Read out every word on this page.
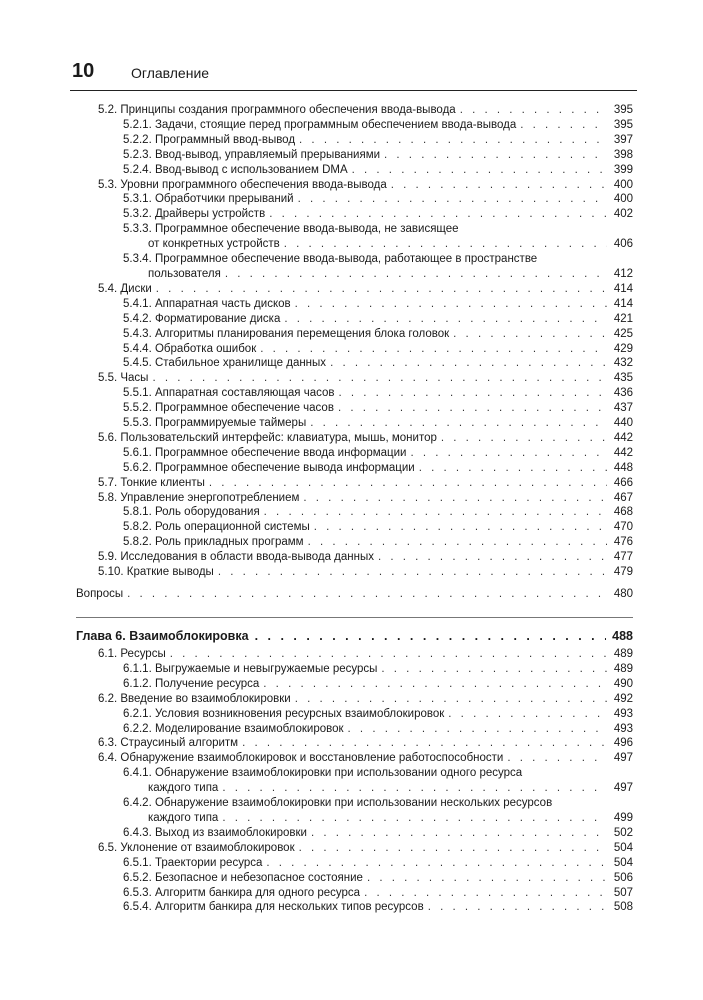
10	Оглавление
5.2. Принципы создания программного обеспечения ввода-вывода . . .	395
5.2.1. Задачи, стоящие перед программным обеспечением ввода-вывода . . .	395
5.2.2. Программный ввод-вывод . . .	397
5.2.3. Ввод-вывод, управляемый прерываниями . . .	398
5.2.4. Ввод-вывод с использованием DMA . . .	399
5.3. Уровни программного обеспечения ввода-вывода . . .	400
5.3.1. Обработчики прерываний . . .	400
5.3.2. Драйверы устройств . . .	402
5.3.3. Программное обеспечение ввода-вывода, не зависящее
от конкретных устройств . . .	406
5.3.4. Программное обеспечение ввода-вывода, работающее в пространстве
пользователя . . .	412
5.4. Диски . . .	414
5.4.1. Аппаратная часть дисков . . .	414
5.4.2. Форматирование диска . . .	421
5.4.3. Алгоритмы планирования перемещения блока головок . . .	425
5.4.4. Обработка ошибок . . .	429
5.4.5. Стабильное хранилище данных . . .	432
5.5. Часы . . .	435
5.5.1. Аппаратная составляющая часов . . .	436
5.5.2. Программное обеспечение часов . . .	437
5.5.3. Программируемые таймеры . . .	440
5.6. Пользовательский интерфейс: клавиатура, мышь, монитор . . .	442
5.6.1. Программное обеспечение ввода информации . . .	442
5.6.2. Программное обеспечение вывода информации . . .	448
5.7. Тонкие клиенты . . .	466
5.8. Управление энергопотреблением . . .	467
5.8.1. Роль оборудования . . .	468
5.8.2. Роль операционной системы . . .	470
5.8.2. Роль прикладных программ . . .	476
5.9. Исследования в области ввода-вывода данных . . .	477
5.10. Краткие выводы . . .	479
Вопросы . . .	480
Глава 6. Взаимоблокировка . . .	488
6.1. Ресурсы . . .	489
6.1.1. Выгружаемые и невыгружаемые ресурсы . . .	489
6.1.2. Получение ресурса . . .	490
6.2. Введение во взаимоблокировки . . .	492
6.2.1. Условия возникновения ресурсных взаимоблокировок . . .	493
6.2.2. Моделирование взаимоблокировок . . .	493
6.3. Страусиный алгоритм . . .	496
6.4. Обнаружение взаимоблокировок и восстановление работоспособности . . .	497
6.4.1. Обнаружение взаимоблокировки при использовании одного ресурса
каждого типа . . .	497
6.4.2. Обнаружение взаимоблокировки при использовании нескольких ресурсов
каждого типа . . .	499
6.4.3. Выход из взаимоблокировки . . .	502
6.5. Уклонение от взаимоблокировок . . .	504
6.5.1. Траектории ресурса . . .	504
6.5.2. Безопасное и небезопасное состояние . . .	506
6.5.3. Алгоритм банкира для одного ресурса . . .	507
6.5.4. Алгоритм банкира для нескольких типов ресурсов . . .	508
